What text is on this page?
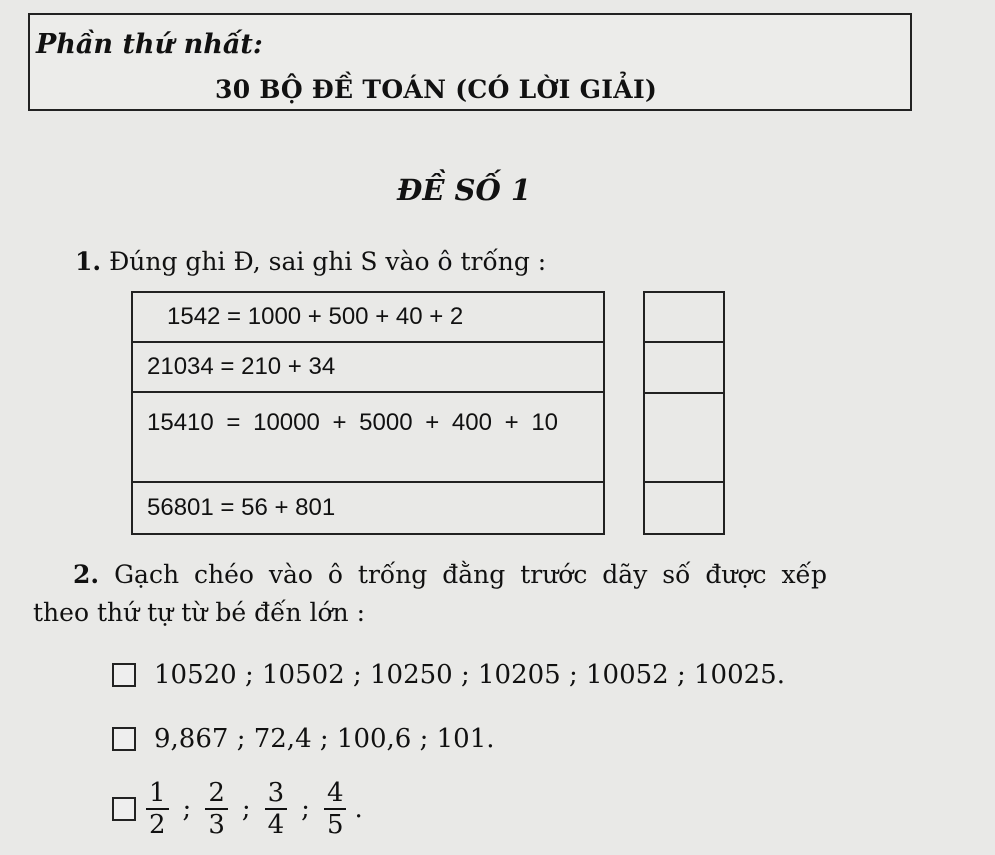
Phần thứ nhất:
30 BỘ ĐỀ TOÁN (CÓ LỜI GIẢI)
ĐỀ SỐ 1
1. Đúng ghi Đ, sai ghi S vào ô trống :
1542 = 1000 + 500 + 40 + 2
21034 = 210 + 34
15410 = 10000 + 5000 + 400 + 10
56801 = 56 + 801
2. Gạch chéo vào ô trống đằng trước dãy số được xếp
theo thứ tự từ bé đến lớn :
10520 ; 10502 ; 10250 ; 10205 ; 10052 ; 10025.
9,867 ; 72,4 ; 100,6 ; 101.
$\frac{1}{2}$ ; $\frac{2}{3}$ ; $\frac{3}{4}$ ; $\frac{4}{5}$ .
